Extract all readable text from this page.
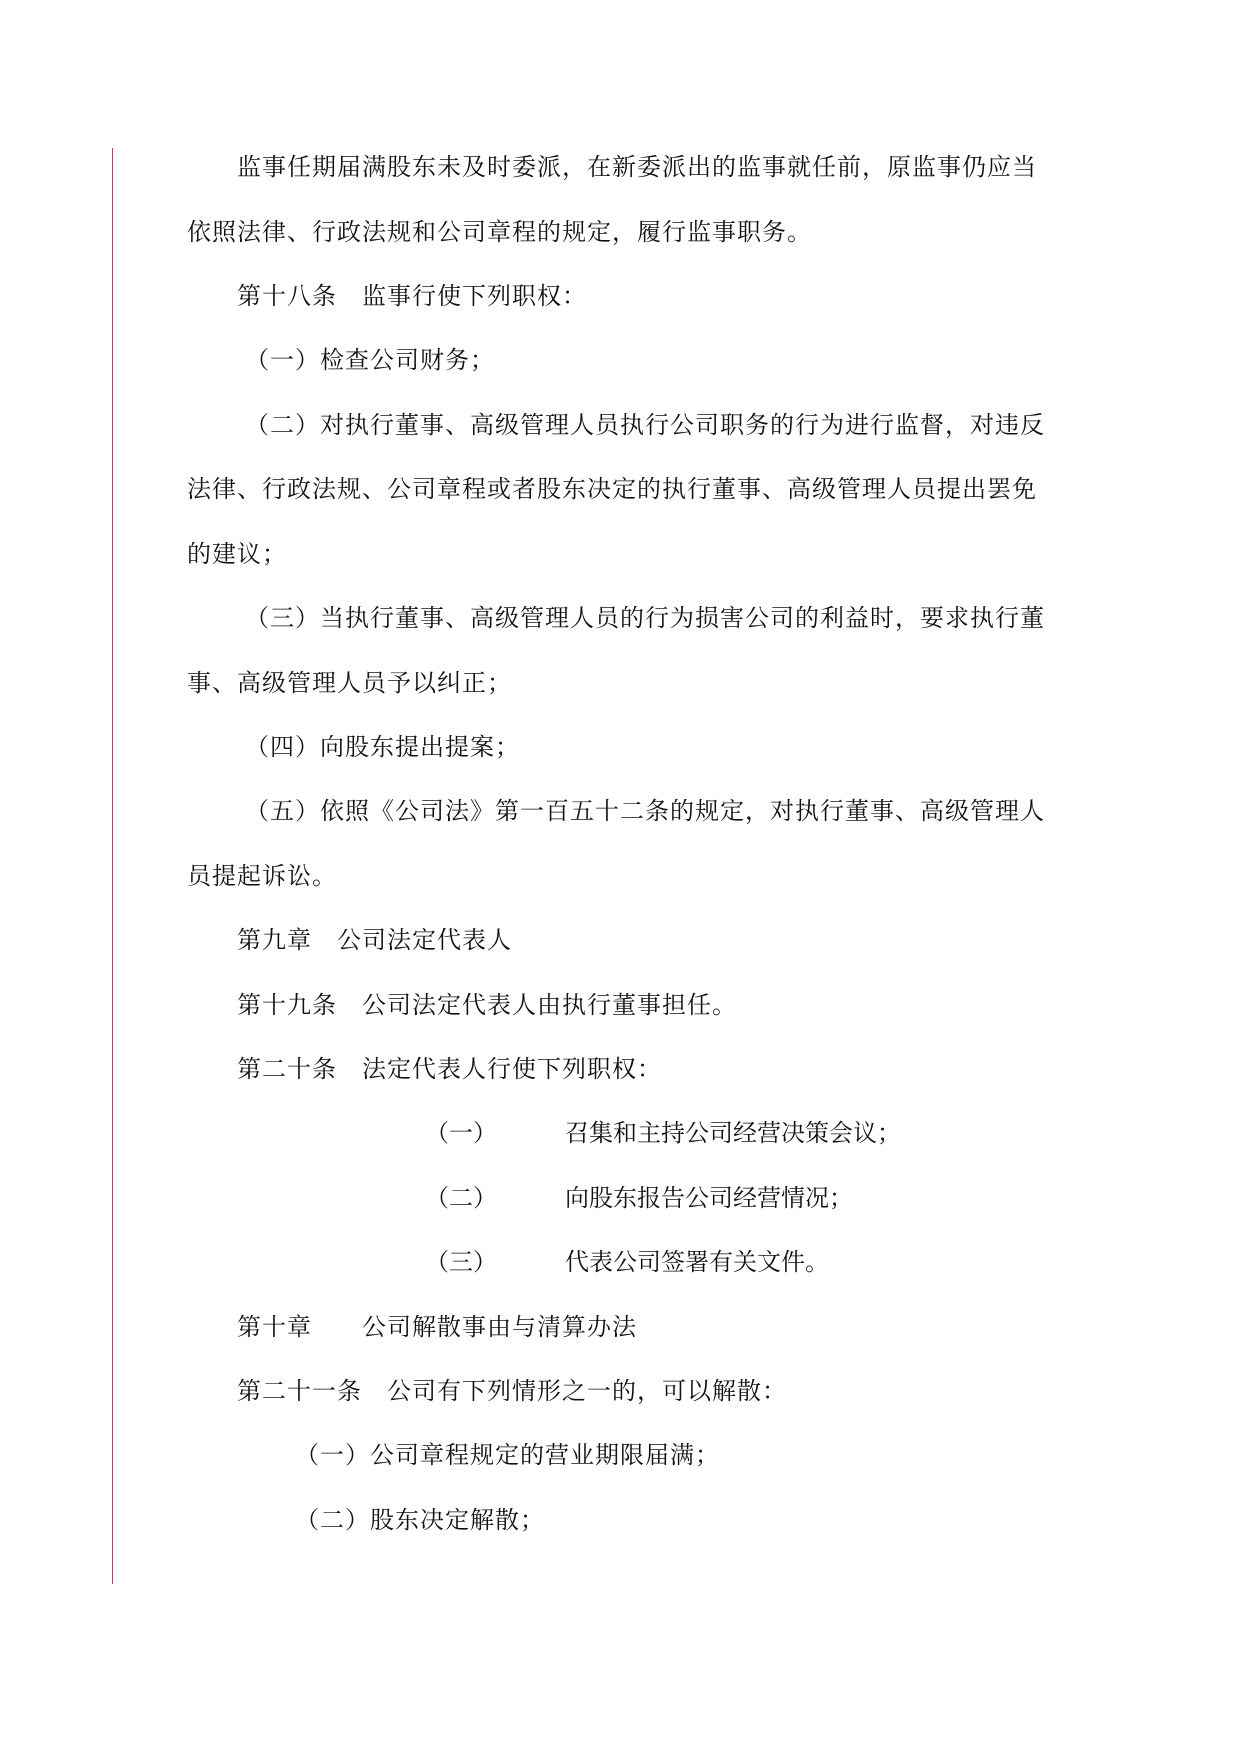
监事任期届满股东未及时委派，在新委派出的监事就任前，原监事仍应当
依照法律、行政法规和公司章程的规定，履行监事职务。
第十八条　监事行使下列职权：
（一）检查公司财务；
（二）对执行董事、高级管理人员执行公司职务的行为进行监督，对违反
法律、行政法规、公司章程或者股东决定的执行董事、高级管理人员提出罢免
的建议；
（三）当执行董事、高级管理人员的行为损害公司的利益时，要求执行董
事、高级管理人员予以纠正；
（四）向股东提出提案；
（五）依照《公司法》第一百五十二条的规定，对执行董事、高级管理人
员提起诉讼。
第九章　公司法定代表人
第十九条　公司法定代表人由执行董事担任。
第二十条　法定代表人行使下列职权：
（一）	召集和主持公司经营决策会议；
（二）	向股东报告公司经营情况；
（三）	代表公司签署有关文件。
第十章　　公司解散事由与清算办法
第二十一条　公司有下列情形之一的，可以解散：
（一）公司章程规定的营业期限届满；
（二）股东决定解散；
